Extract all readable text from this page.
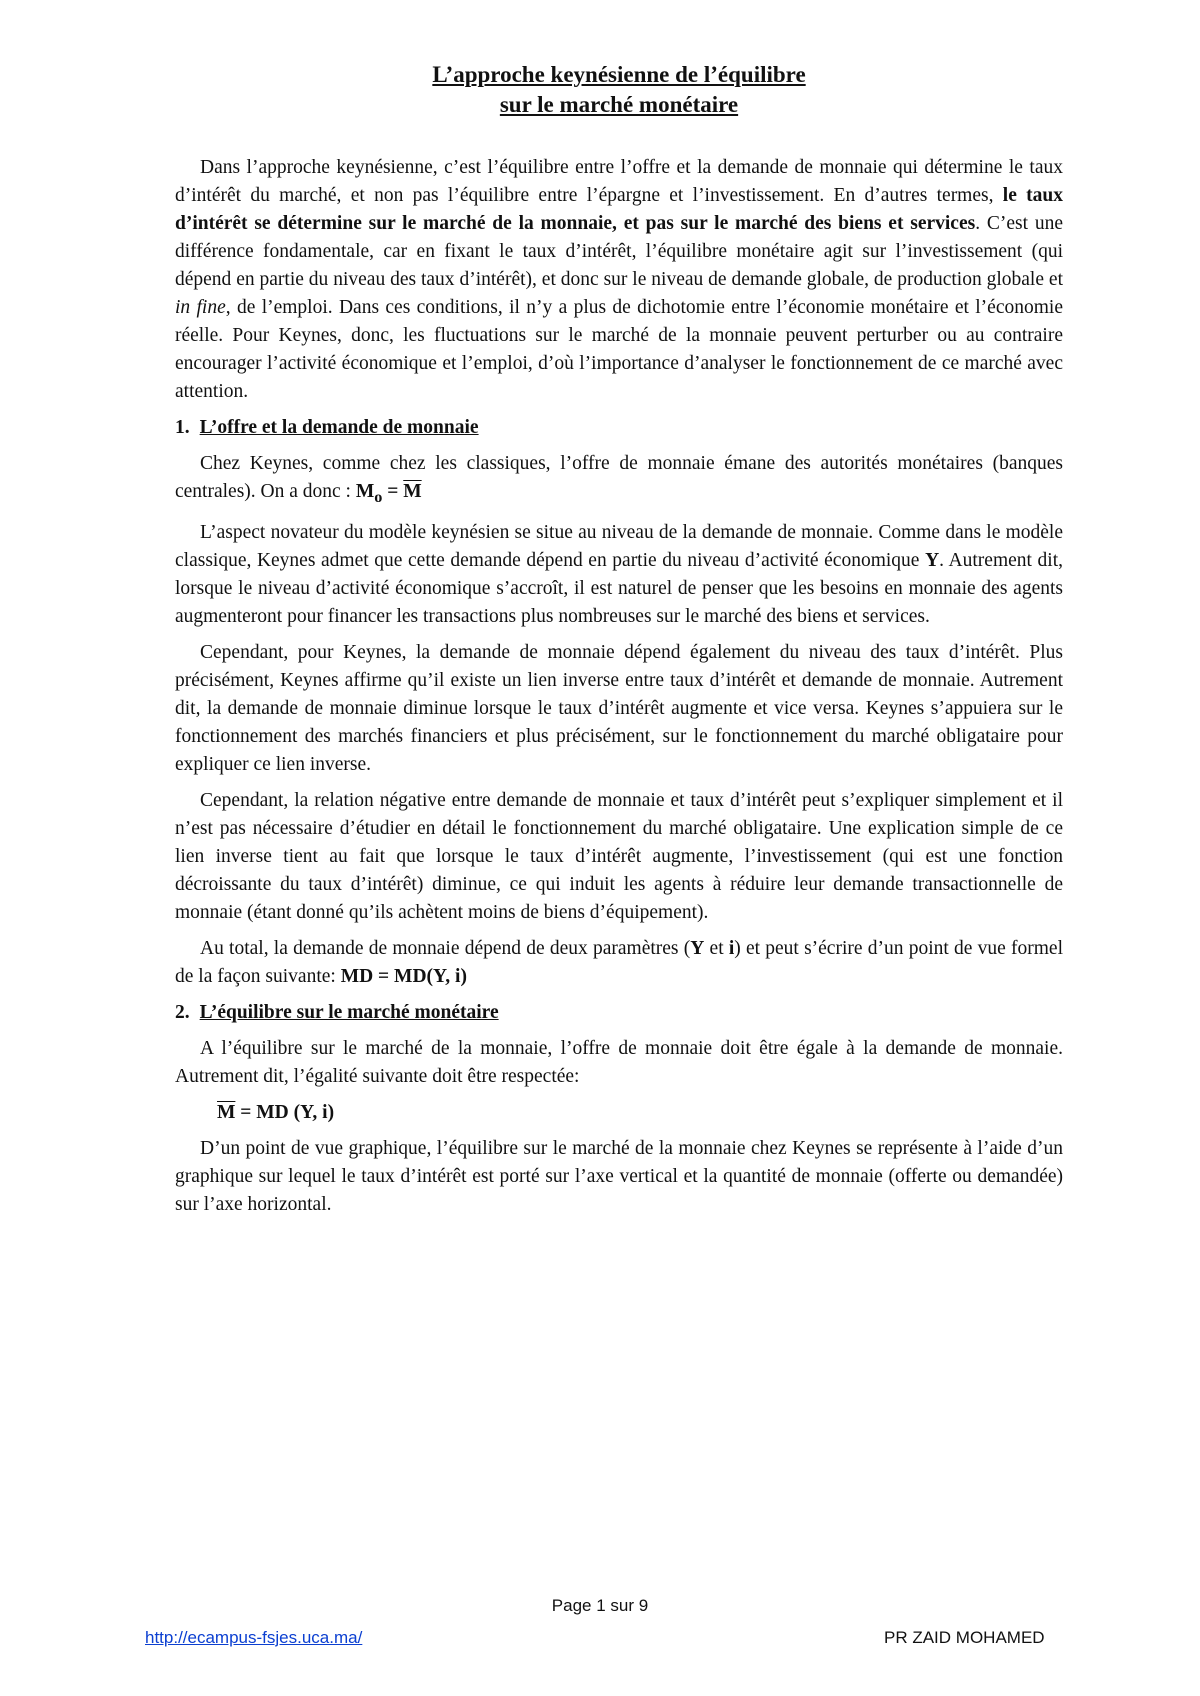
L’approche keynésienne de l’équilibre
sur le marché monétaire

Dans l’approche keynésienne, c’est l’équilibre entre l’offre et la demande de monnaie qui détermine le taux d’intérêt du marché, et non pas l’équilibre entre l’épargne et l’investissement. En d’autres termes, le taux d’intérêt se détermine sur le marché de la monnaie, et pas sur le marché des biens et services. C’est une différence fondamentale, car en fixant le taux d’intérêt, l’équilibre monétaire agit sur l’investissement (qui dépend en partie du niveau des taux d’intérêt), et donc sur le niveau de demande globale, de production globale et in fine, de l’emploi. Dans ces conditions, il n’y a plus de dichotomie entre l’économie monétaire et l’économie réelle. Pour Keynes, donc, les fluctuations sur le marché de la monnaie peuvent perturber ou au contraire encourager l’activité économique et l’emploi, d’où l’importance d’analyser le fonctionnement de ce marché avec attention.

1. L’offre et la demande de monnaie

Chez Keynes, comme chez les classiques, l’offre de monnaie émane des autorités monétaires (banques centrales). On a donc : $M_o = \overline{M}$

L’aspect novateur du modèle keynésien se situe au niveau de la demande de monnaie. Comme dans le modèle classique, Keynes admet que cette demande dépend en partie du niveau d’activité économique Y. Autrement dit, lorsque le niveau d’activité économique s’accroît, il est naturel de penser que les besoins en monnaie des agents augmenteront pour financer les transactions plus nombreuses sur le marché des biens et services.

Cependant, pour Keynes, la demande de monnaie dépend également du niveau des taux d’intérêt. Plus précisément, Keynes affirme qu’il existe un lien inverse entre taux d’intérêt et demande de monnaie. Autrement dit, la demande de monnaie diminue lorsque le taux d’intérêt augmente et vice versa. Keynes s’appuiera sur le fonctionnement des marchés financiers et plus précisément, sur le fonctionnement du marché obligataire pour expliquer ce lien inverse.

Cependant, la relation négative entre demande de monnaie et taux d’intérêt peut s’expliquer simplement et il n’est pas nécessaire d’étudier en détail le fonctionnement du marché obligataire. Une explication simple de ce lien inverse tient au fait que lorsque le taux d’intérêt augmente, l’investissement (qui est une fonction décroissante du taux d’intérêt) diminue, ce qui induit les agents à réduire leur demande transactionnelle de monnaie (étant donné qu’ils achètent moins de biens d’équipement).

Au total, la demande de monnaie dépend de deux paramètres (Y et i) et peut s’écrire d’un point de vue formel de la façon suivante: MD = MD(Y, i)

2. L’équilibre sur le marché monétaire

A l’équilibre sur le marché de la monnaie, l’offre de monnaie doit être égale à la demande de monnaie. Autrement dit, l’égalité suivante doit être respectée:

$\overline{M}$ = MD (Y, i)

D’un point de vue graphique, l’équilibre sur le marché de la monnaie chez Keynes se représente à l’aide d’un graphique sur lequel le taux d’intérêt est porté sur l’axe vertical et la quantité de monnaie (offerte ou demandée) sur l’axe horizontal.

Page 1 sur 9
http://ecampus-fsjes.uca.ma/	PR ZAID MOHAMED
